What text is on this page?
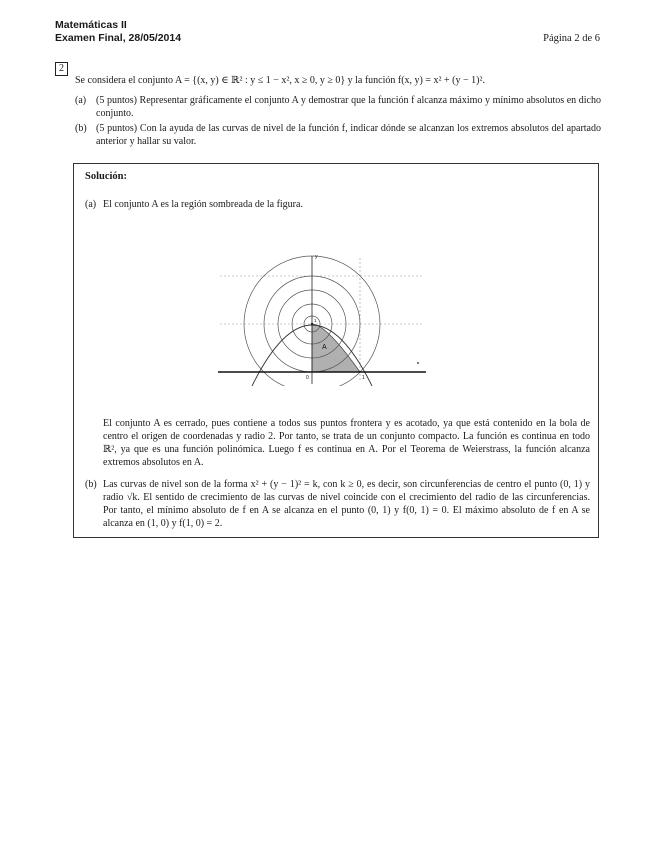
Matemáticas II
Examen Final, 28/05/2014	Página 2 de 6
2
Se considera el conjunto A = {(x, y) ∈ ℝ² : y ≤ 1 − x², x ≥ 0, y ≥ 0} y la función f(x, y) = x² + (y − 1)².
(a) (5 puntos) Representar gráficamente el conjunto A y demostrar que la función f alcanza máximo y mínimo absolutos en dicho conjunto.
(b) (5 puntos) Con la ayuda de las curvas de nivel de la función f, indicar dónde se alcanzan los extremos absolutos del apartado anterior y hallar su valor.
Solución:
(a) El conjunto A es la región sombreada de la figura.
A
y
0	1
1
El conjunto A es cerrado, pues contiene a todos sus puntos frontera y es acotado, ya que está contenido en la bola de centro el origen de coordenadas y radio 2. Por tanto, se trata de un conjunto compacto. La función es continua en todo ℝ², ya que es una función polinómica. Luego f es continua en A. Por el Teorema de Weierstrass, la función alcanza extremos absolutos en A.
(b) Las curvas de nivel son de la forma x² + (y − 1)² = k, con k ≥ 0, es decir, son circunferencias de centro el punto (0, 1) y radio √k. El sentido de crecimiento de las curvas de nivel coincide con el crecimiento del radio de las circunferencias. Por tanto, el mínimo absoluto de f en A se alcanza en el punto (0, 1) y f(0, 1) = 0. El máximo absoluto de f en A se alcanza en (1, 0) y f(1, 0) = 2.
